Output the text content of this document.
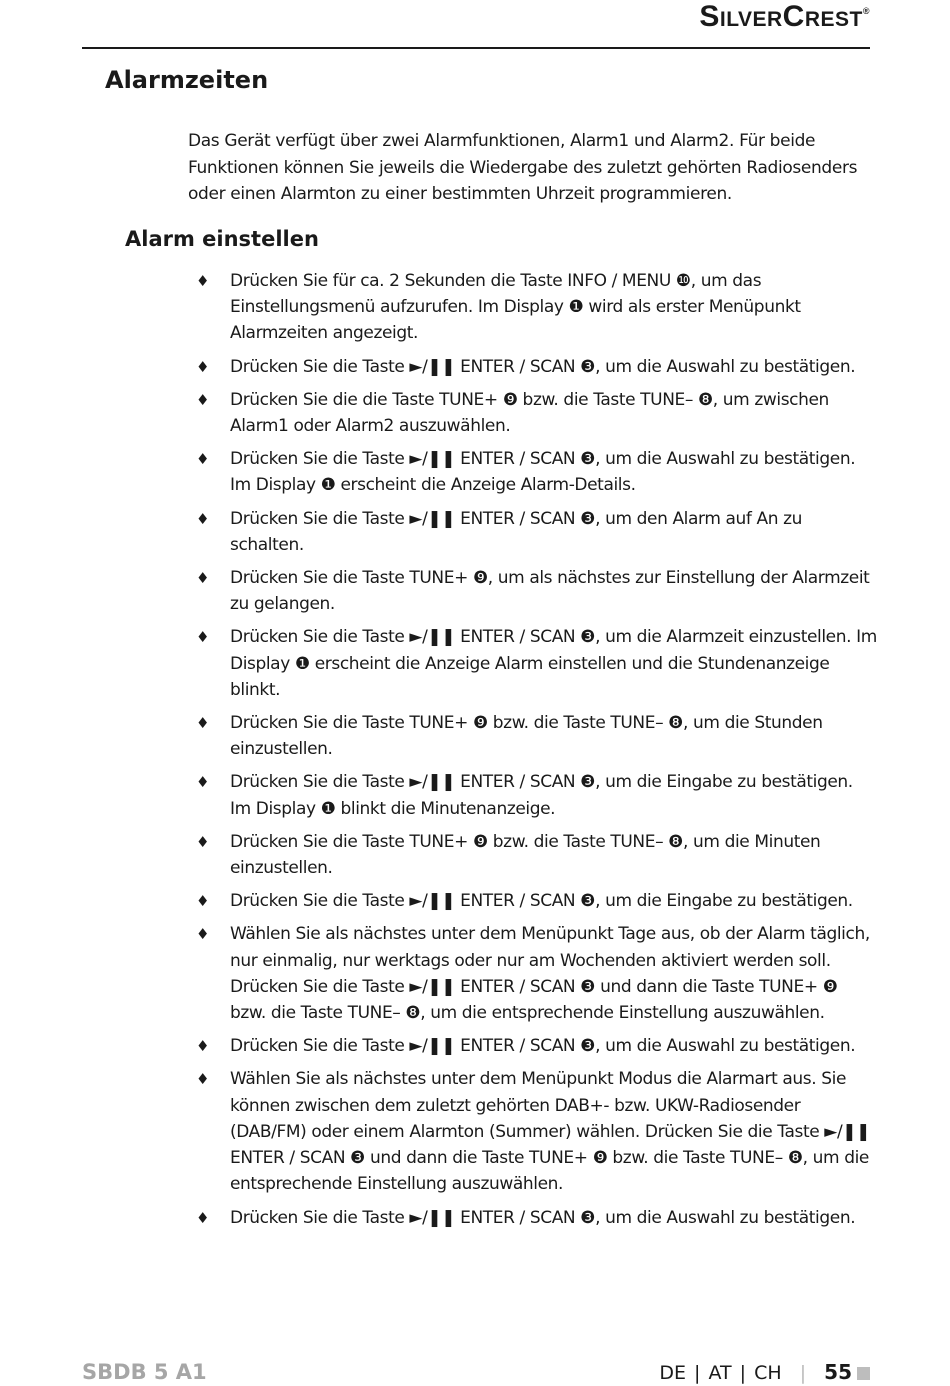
SilverCrest®
Alarmzeiten

Das Gerät verfügt über zwei Alarmfunktionen, Alarm1 und Alarm2. Für beide Funktionen können Sie jeweils die Wiedergabe des zuletzt gehörten Radiosenders oder einen Alarmton zu einer bestimmten Uhrzeit programmieren.

Alarm einstellen
♦ Drücken Sie für ca. 2 Sekunden die Taste INFO / MENU ❿, um das Einstellungsmenü aufzurufen. Im Display ❶ wird als erster Menüpunkt Alarmzeiten angezeigt.
♦ Drücken Sie die Taste ►/❚❚ ENTER / SCAN ❸, um die Auswahl zu bestätigen.
♦ Drücken Sie die die Taste TUNE+ ❾ bzw. die Taste TUNE– ❽, um zwischen Alarm1 oder Alarm2 auszuwählen.
♦ Drücken Sie die Taste ►/❚❚ ENTER / SCAN ❸, um die Auswahl zu bestätigen. Im Display ❶ erscheint die Anzeige Alarm-Details.
♦ Drücken Sie die Taste ►/❚❚ ENTER / SCAN ❸, um den Alarm auf An zu schalten.
♦ Drücken Sie die Taste TUNE+ ❾, um als nächstes zur Einstellung der Alarmzeit zu gelangen.
♦ Drücken Sie die Taste ►/❚❚ ENTER / SCAN ❸, um die Alarmzeit einzustellen. Im Display ❶ erscheint die Anzeige Alarm einstellen und die Stundenanzeige blinkt.
♦ Drücken Sie die Taste TUNE+ ❾ bzw. die Taste TUNE– ❽, um die Stunden einzustellen.
♦ Drücken Sie die Taste ►/❚❚ ENTER / SCAN ❸, um die Eingabe zu bestätigen. Im Display ❶ blinkt die Minutenanzeige.
♦ Drücken Sie die Taste TUNE+ ❾ bzw. die Taste TUNE– ❽, um die Minuten einzustellen.
♦ Drücken Sie die Taste ►/❚❚ ENTER / SCAN ❸, um die Eingabe zu bestätigen.
♦ Wählen Sie als nächstes unter dem Menüpunkt Tage aus, ob der Alarm täglich, nur einmalig, nur werktags oder nur am Wochenden aktiviert werden soll. Drücken Sie die Taste ►/❚❚ ENTER / SCAN ❸ und dann die Taste TUNE+ ❾ bzw. die Taste TUNE– ❽, um die entsprechende Einstellung auszuwählen.
♦ Drücken Sie die Taste ►/❚❚ ENTER / SCAN ❸, um die Auswahl zu bestätigen.
♦ Wählen Sie als nächstes unter dem Menüpunkt Modus die Alarmart aus. Sie können zwischen dem zuletzt gehörten DAB+- bzw. UKW-Radiosender (DAB/FM) oder einem Alarmton (Summer) wählen. Drücken Sie die Taste ►/❚❚ ENTER / SCAN ❸ und dann die Taste TUNE+ ❾ bzw. die Taste TUNE– ❽, um die entsprechende Einstellung auszuwählen.
♦ Drücken Sie die Taste ►/❚❚ ENTER / SCAN ❸, um die Auswahl zu bestätigen.
SBDB 5 A1	DE | AT | CH | 55
